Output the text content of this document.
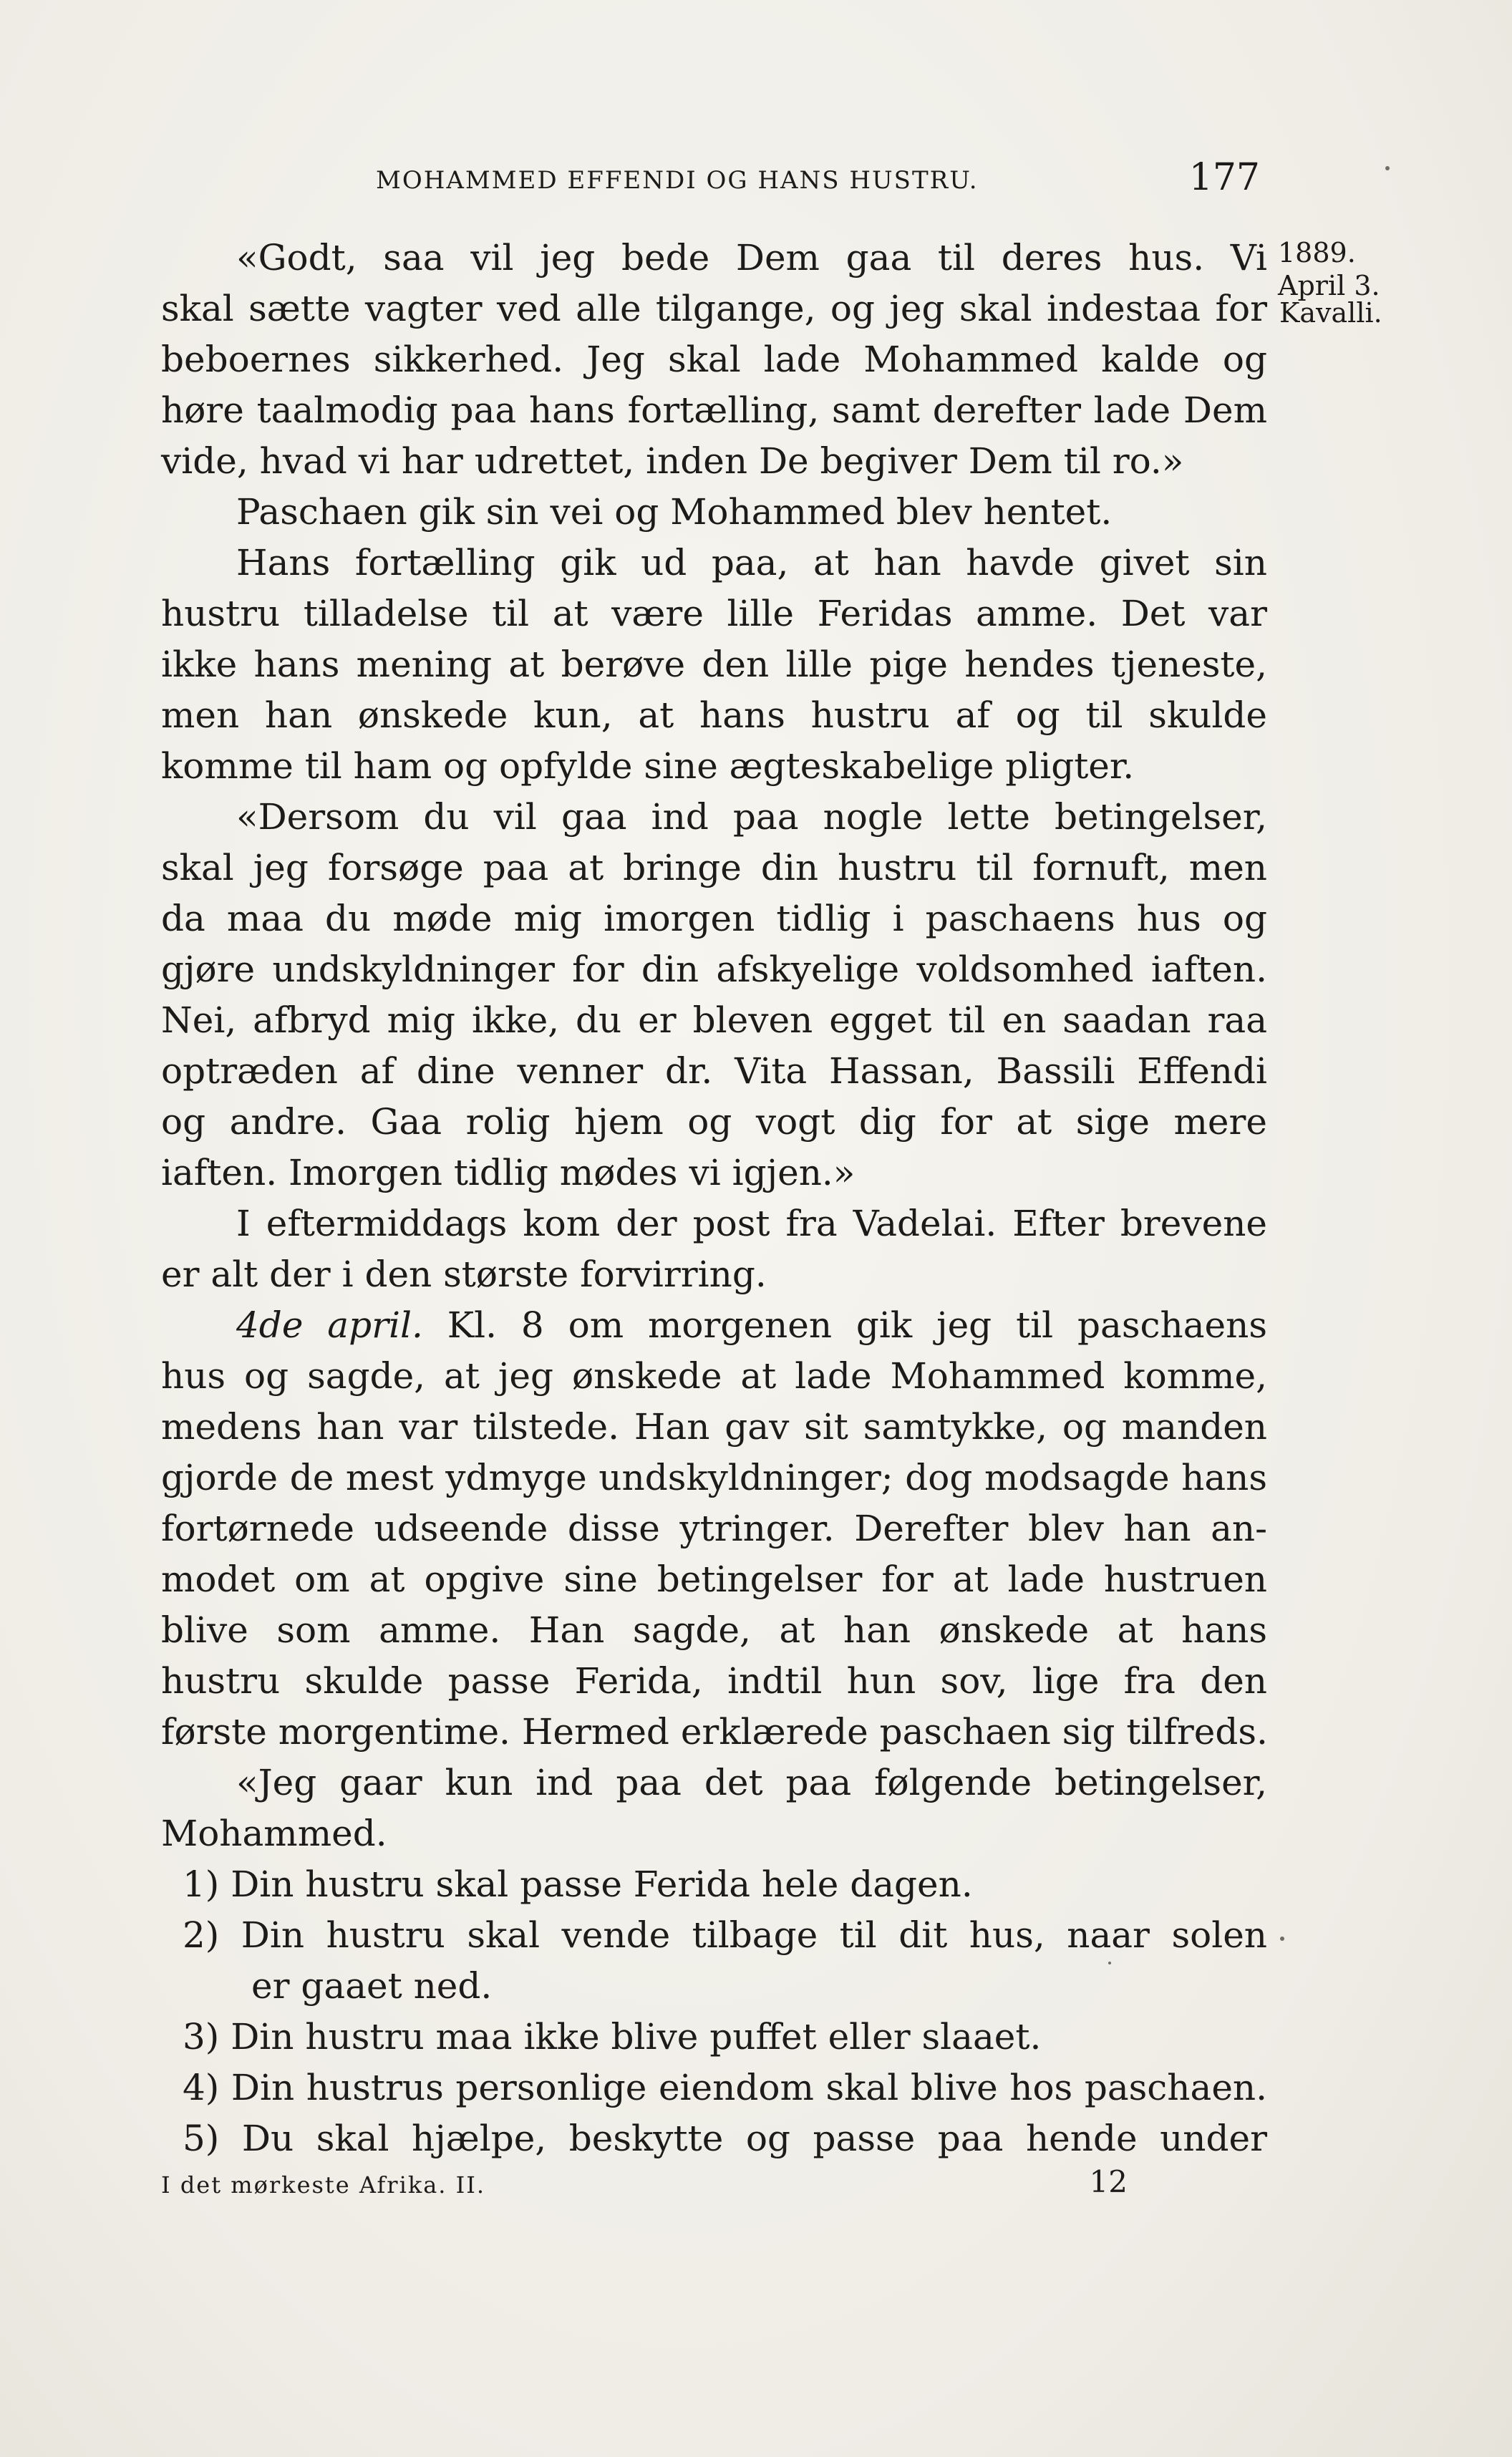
MOHAMMED EFFENDI OG HANS HUSTRU.	177
1889.
April 3.
Kavalli.
«Godt, saa vil jeg bede Dem gaa til deres hus. Vi
skal sætte vagter ved alle tilgange, og jeg skal indestaa for
beboernes sikkerhed. Jeg skal lade Mohammed kalde og
høre taalmodig paa hans fortælling, samt derefter lade Dem
vide, hvad vi har udrettet, inden De begiver Dem til ro.»
Paschaen gik sin vei og Mohammed blev hentet.
Hans fortælling gik ud paa, at han havde givet sin
hustru tilladelse til at være lille Feridas amme. Det var
ikke hans mening at berøve den lille pige hendes tjeneste,
men han ønskede kun, at hans hustru af og til skulde
komme til ham og opfylde sine ægteskabelige pligter.
«Dersom du vil gaa ind paa nogle lette betingelser,
skal jeg forsøge paa at bringe din hustru til fornuft, men
da maa du møde mig imorgen tidlig i paschaens hus og
gjøre undskyldninger for din afskyelige voldsomhed iaften.
Nei, afbryd mig ikke, du er bleven egget til en saadan raa
optræden af dine venner dr. Vita Hassan, Bassili Effendi
og andre. Gaa rolig hjem og vogt dig for at sige mere
iaften. Imorgen tidlig mødes vi igjen.»
I eftermiddags kom der post fra Vadelai. Efter brevene
er alt der i den største forvirring.
4de april. Kl. 8 om morgenen gik jeg til paschaens
hus og sagde, at jeg ønskede at lade Mohammed komme,
medens han var tilstede. Han gav sit samtykke, og manden
gjorde de mest ydmyge undskyldninger; dog modsagde hans
fortørnede udseende disse ytringer. Derefter blev han an-
modet om at opgive sine betingelser for at lade hustruen
blive som amme. Han sagde, at han ønskede at hans
hustru skulde passe Ferida, indtil hun sov, lige fra den
første morgentime. Hermed erklærede paschaen sig tilfreds.
«Jeg gaar kun ind paa det paa følgende betingelser,
Mohammed.
1) Din hustru skal passe Ferida hele dagen.
2) Din hustru skal vende tilbage til dit hus, naar solen
er gaaet ned.
3) Din hustru maa ikke blive puffet eller slaaet.
4) Din hustrus personlige eiendom skal blive hos paschaen.
5) Du skal hjælpe, beskytte og passe paa hende under
I det mørkeste Afrika. II.	12
